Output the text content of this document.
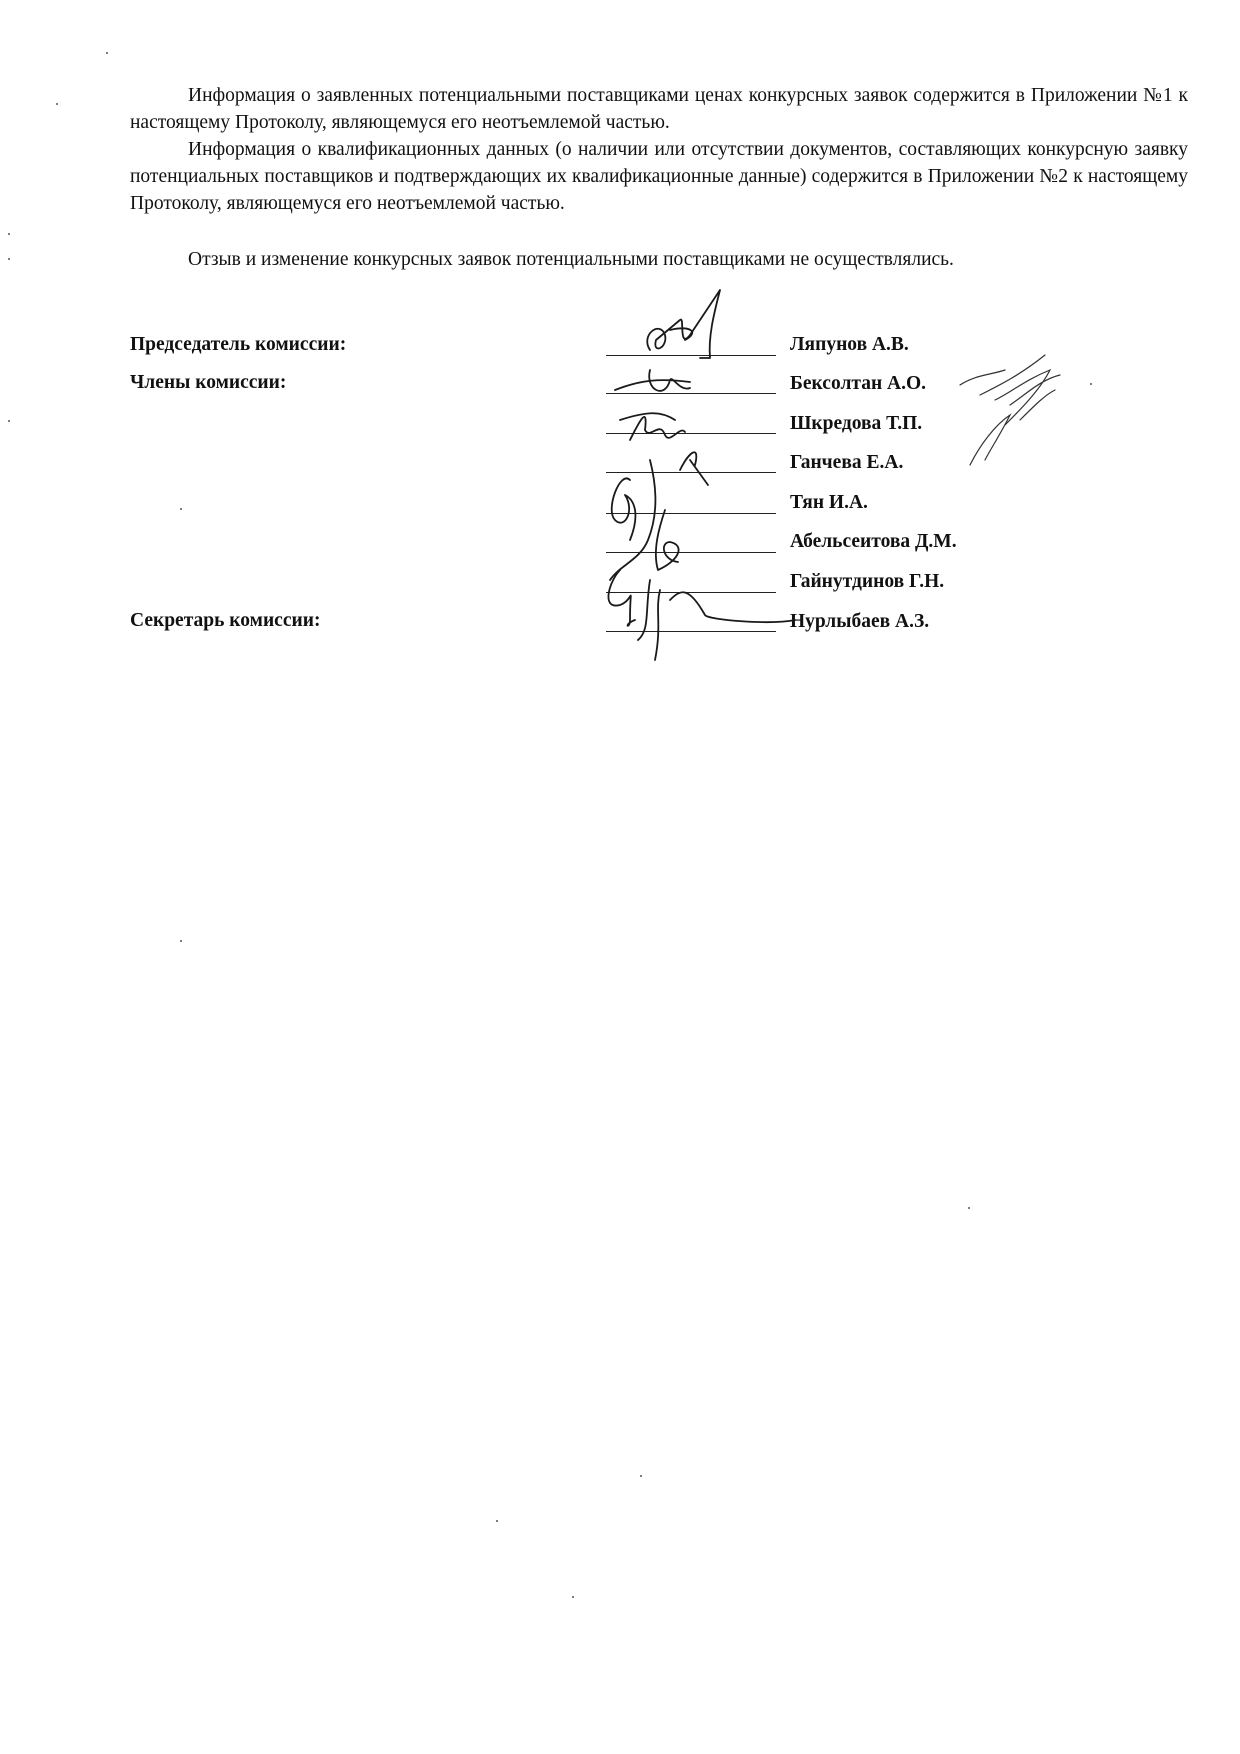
Информация о заявленных потенциальными поставщиками ценах конкурсных заявок содержится в Приложении №1 к настоящему Протоколу, являющемуся его неотъемлемой частью.

Информация о квалификационных данных (о наличии или отсутствии документов, составляющих конкурсную заявку потенциальных поставщиков и подтверждающих их квалификационные данные) содержится в Приложении №2 к настоящему Протоколу, являющемуся его неотъемлемой частью.

Отзыв и изменение конкурсных заявок потенциальными поставщиками не осуществлялись.

Председатель комиссии:
Члены комиссии:
Секретарь комиссии:
Ляпунов А.В.
Бексолтан А.О.
Шкредова Т.П.
Ганчева Е.А.
Тян И.А.
Абельсеитова Д.М.
Гайнутдинов Г.Н.
Нурлыбаев А.З.
